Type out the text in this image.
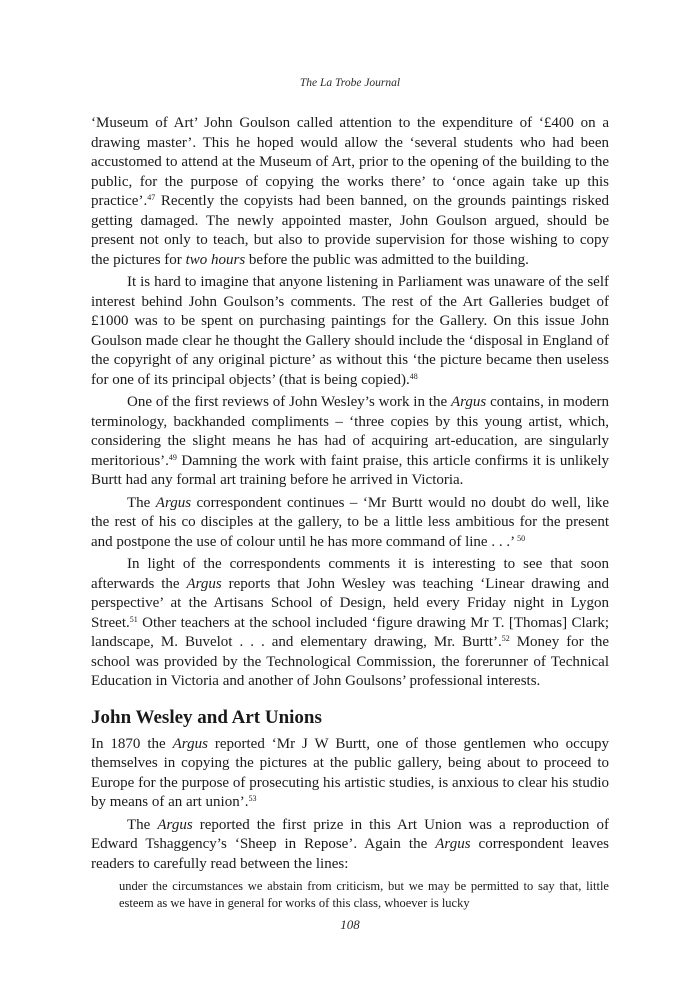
The La Trobe Journal

‘Museum of Art’ John Goulson called attention to the expenditure of ‘£400 on a drawing master’. This he hoped would allow the ‘several students who had been accustomed to attend at the Museum of Art, prior to the opening of the building to the public, for the purpose of copying the works there’ to ‘once again take up this practice’.$^{47}$ Recently the copyists had been banned, on the grounds paintings risked getting damaged. The newly appointed master, John Goulson argued, should be present not only to teach, but also to provide supervision for those wishing to copy the pictures for two hours before the public was admitted to the building.

It is hard to imagine that anyone listening in Parliament was unaware of the self interest behind John Goulson’s comments. The rest of the Art Galleries budget of £1000 was to be spent on purchasing paintings for the Gallery. On this issue John Goulson made clear he thought the Gallery should include the ‘disposal in England of the copyright of any original picture’ as without this ‘the picture became then useless for one of its principal objects’ (that is being copied).$^{48}$

One of the first reviews of John Wesley’s work in the Argus contains, in modern terminology, backhanded compliments – ‘three copies by this young artist, which, considering the slight means he has had of acquiring art-education, are singularly meritorious’.$^{49}$ Damning the work with faint praise, this article confirms it is unlikely Burtt had any formal art training before he arrived in Victoria.

The Argus correspondent continues – ‘Mr Burtt would no doubt do well, like the rest of his co disciples at the gallery, to be a little less ambitious for the present and postpone the use of colour until he has more command of line . . .’ $^{50}$

In light of the correspondents comments it is interesting to see that soon afterwards the Argus reports that John Wesley was teaching ‘Linear drawing and perspective’ at the Artisans School of Design, held every Friday night in Lygon Street.$^{51}$ Other teachers at the school included ‘figure drawing Mr T. [Thomas] Clark; landscape, M. Buvelot . . . and elementary drawing, Mr. Burtt’.$^{52}$ Money for the school was provided by the Technological Commission, the forerunner of Technical Education in Victoria and another of John Goulsons’ professional interests.

John Wesley and Art Unions

In 1870 the Argus reported ‘Mr J W Burtt, one of those gentlemen who occupy themselves in copying the pictures at the public gallery, being about to proceed to Europe for the purpose of prosecuting his artistic studies, is anxious to clear his studio by means of an art union’.$^{53}$

The Argus reported the first prize in this Art Union was a reproduction of Edward Tshaggency’s ‘Sheep in Repose’. Again the Argus correspondent leaves readers to carefully read between the lines:

under the circumstances we abstain from criticism, but we may be permitted to say that, little esteem as we have in general for works of this class, whoever is lucky

108
